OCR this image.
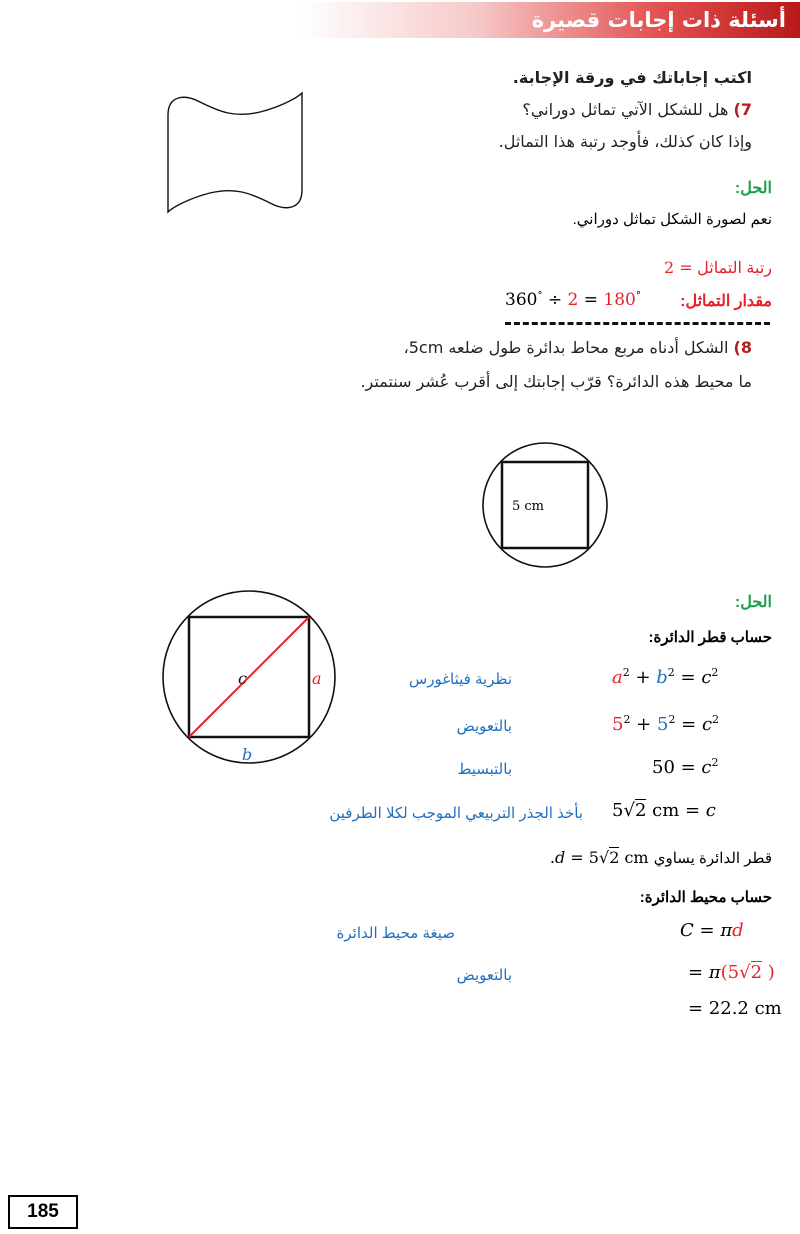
أسئلة ذات إجابات قصيرة
اكتب إجاباتك في ورقة الإجابة.
7) هل للشكل الآتي تماثل دوراني؟
وإذا كان كذلك، فأوجد رتبة هذا التماثل.
الحل:
نعم لصورة الشكل تماثل دوراني.
رتبة التماثل = 2
360° ÷ 2 = 180° مقدار التماثل:
8) الشكل أدناه مربع محاط بدائرة طول ضلعه 5cm،
ما محيط هذه الدائرة؟ قرّب إجابتك إلى أقرب عُشر سنتمتر.
5 cm
الحل:
حساب قطر الدائرة:
c	a
b
$a^2 + b^2 = c^2$
نظرية فيثاغورس
$5^2 + 5^2 = c^2$
بالتعويض
$50 = c^2$
بالتبسيط
5√2 cm = c
بأخذ الجذر التربيعي الموجب لكلا الطرفين
قطر الدائرة يساوي d = 5√2 cm.
حساب محيط الدائرة:
C = πd
صيغة محيط الدائرة
= π(5√2 )
بالتعويض
= 22.2 cm
185
